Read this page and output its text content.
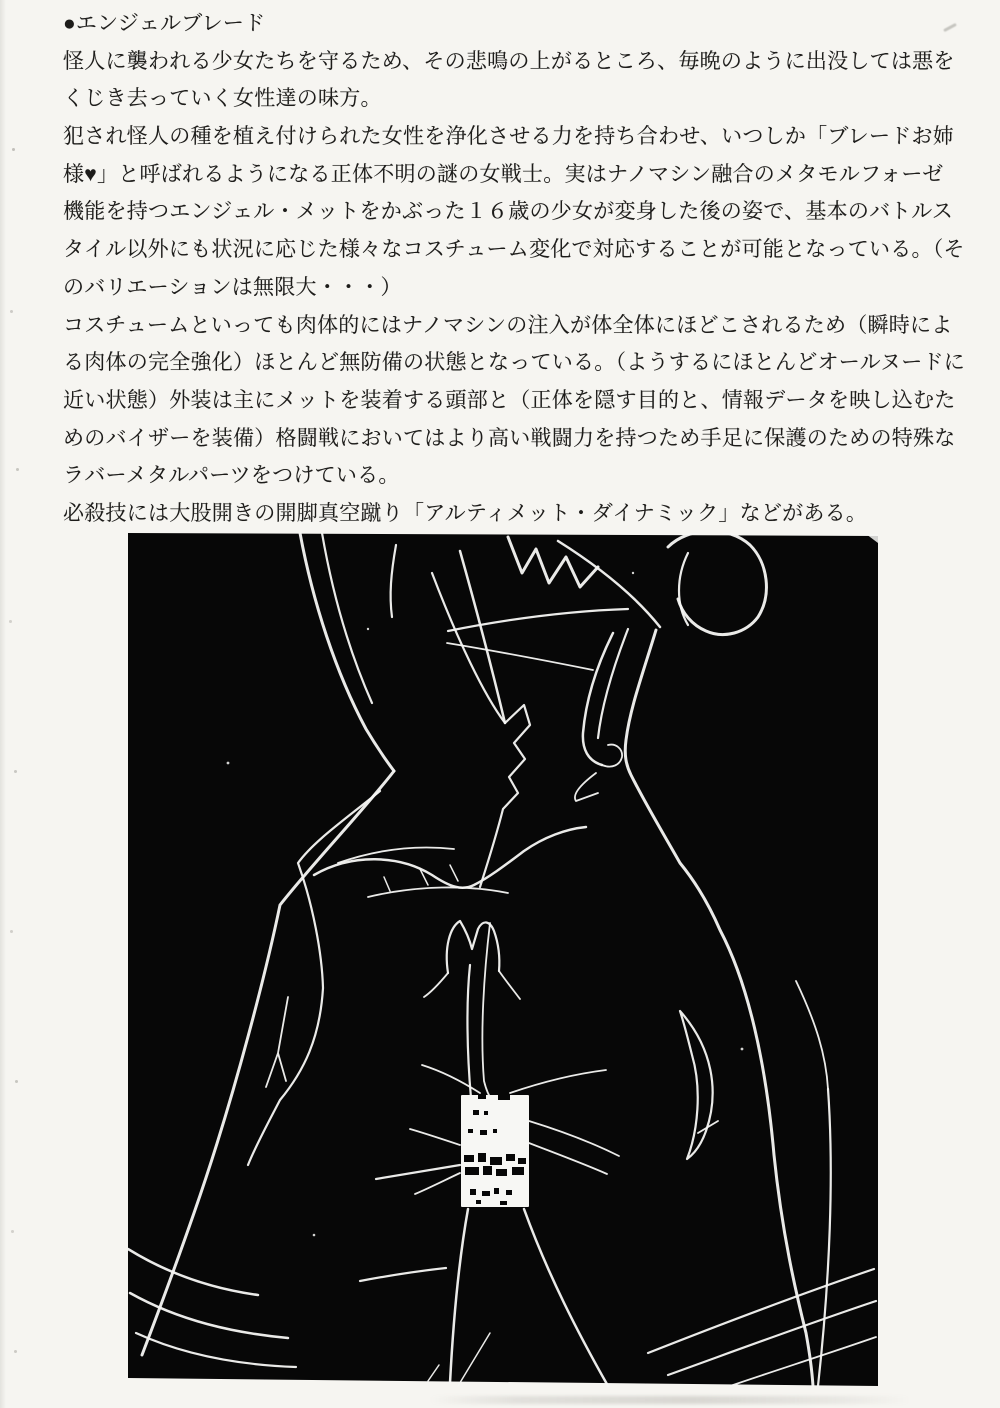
●エンジェルブレード
怪人に襲われる少女たちを守るため、その悲鳴の上がるところ、毎晩のように出没しては悪を
くじき去っていく女性達の味方。
犯され怪人の種を植え付けられた女性を浄化させる力を持ち合わせ、いつしか「ブレードお姉
様♥」と呼ばれるようになる正体不明の謎の女戦士。実はナノマシン融合のメタモルフォーゼ
機能を持つエンジェル・メットをかぶった１６歳の少女が変身した後の姿で、基本のバトルス
タイル以外にも状況に応じた様々なコスチューム変化で対応することが可能となっている。（そ
のバリエーションは無限大・・・）
コスチュームといっても肉体的にはナノマシンの注入が体全体にほどこされるため（瞬時によ
る肉体の完全強化）ほとんど無防備の状態となっている。（ようするにほとんどオールヌードに
近い状態）外装は主にメットを装着する頭部と（正体を隠す目的と、情報データを映し込むた
めのバイザーを装備）格闘戦においてはより高い戦闘力を持つため手足に保護のための特殊な
ラバーメタルパーツをつけている。
必殺技には大股開きの開脚真空蹴り「アルティメット・ダイナミック」などがある。
